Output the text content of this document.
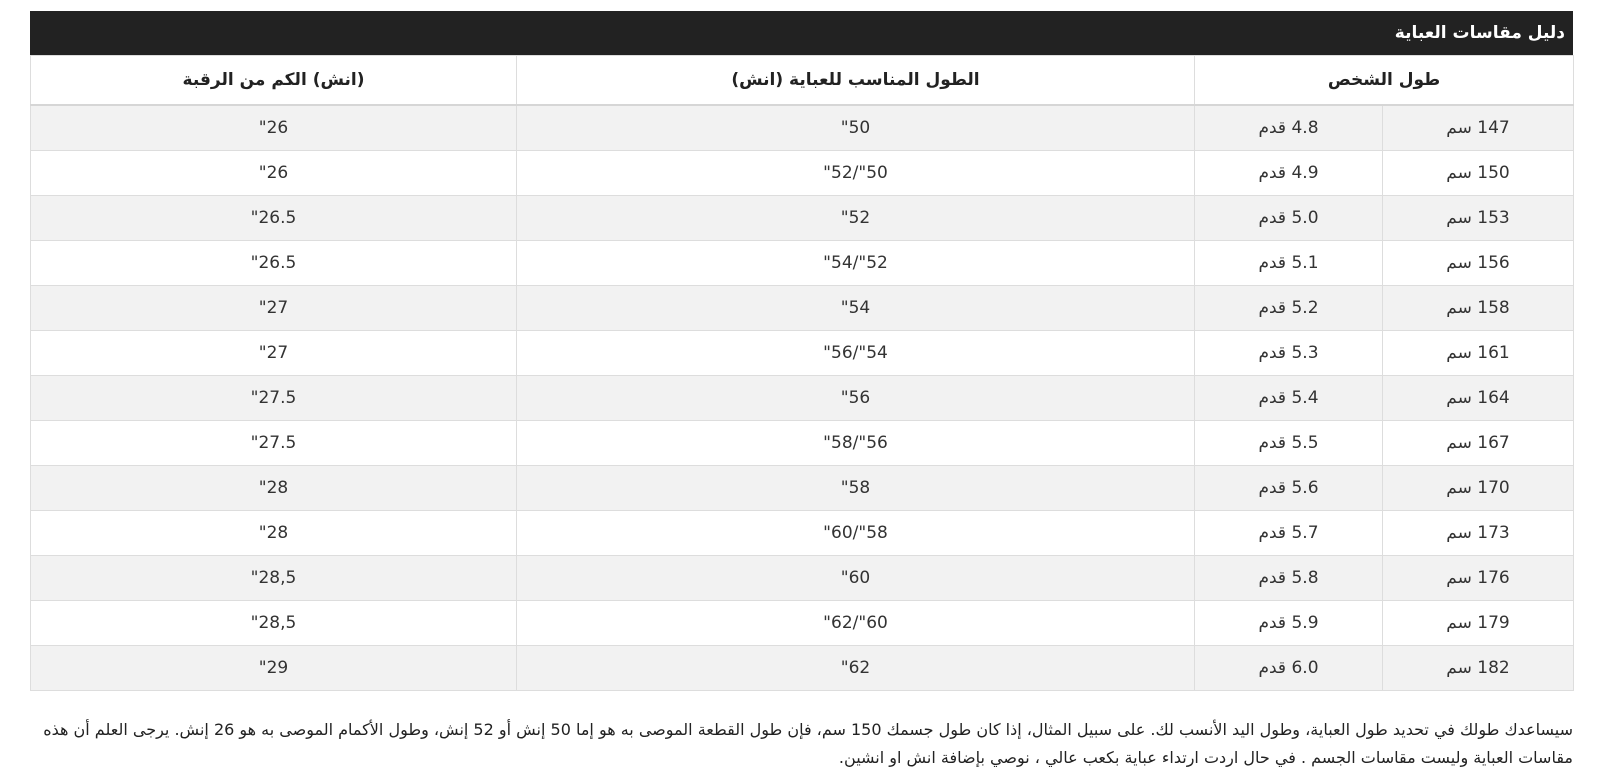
دليل مقاسات العباية
طول الشخص		الطول المناسب للعباية (انش)	(انش) الكم من الرقبة
147 سم	4.8 قدم	50"	26"
150 سم	4.9 قدم	50"/52"	26"
153 سم	5.0 قدم	52"	26.5"
156 سم	5.1 قدم	52"/54"	26.5"
158 سم	5.2 قدم	54"	27"
161 سم	5.3 قدم	54"/56"	27"
164 سم	5.4 قدم	56"	27.5"
167 سم	5.5 قدم	56"/58"	27.5"
170 سم	5.6 قدم	58"	28"
173 سم	5.7 قدم	58"/60"	28"
176 سم	5.8 قدم	60"	28,5"
179 سم	5.9 قدم	60"/62"	28,5"
182 سم	6.0 قدم	62"	29"

سيساعدك طولك في تحديد طول العباية، وطول اليد الأنسب لك. على سبيل المثال، إذا كان طول جسمك 150 سم، فإن طول القطعة الموصى به هو إما 50 إنش أو 52 إنش، وطول الأكمام الموصى به هو 26 إنش. يرجى العلم أن هذه مقاسات العباية وليست مقاسات الجسم . في حال اردت ارتداء عباية بكعب عالي ، نوصي بإضافة انش او انشين.
